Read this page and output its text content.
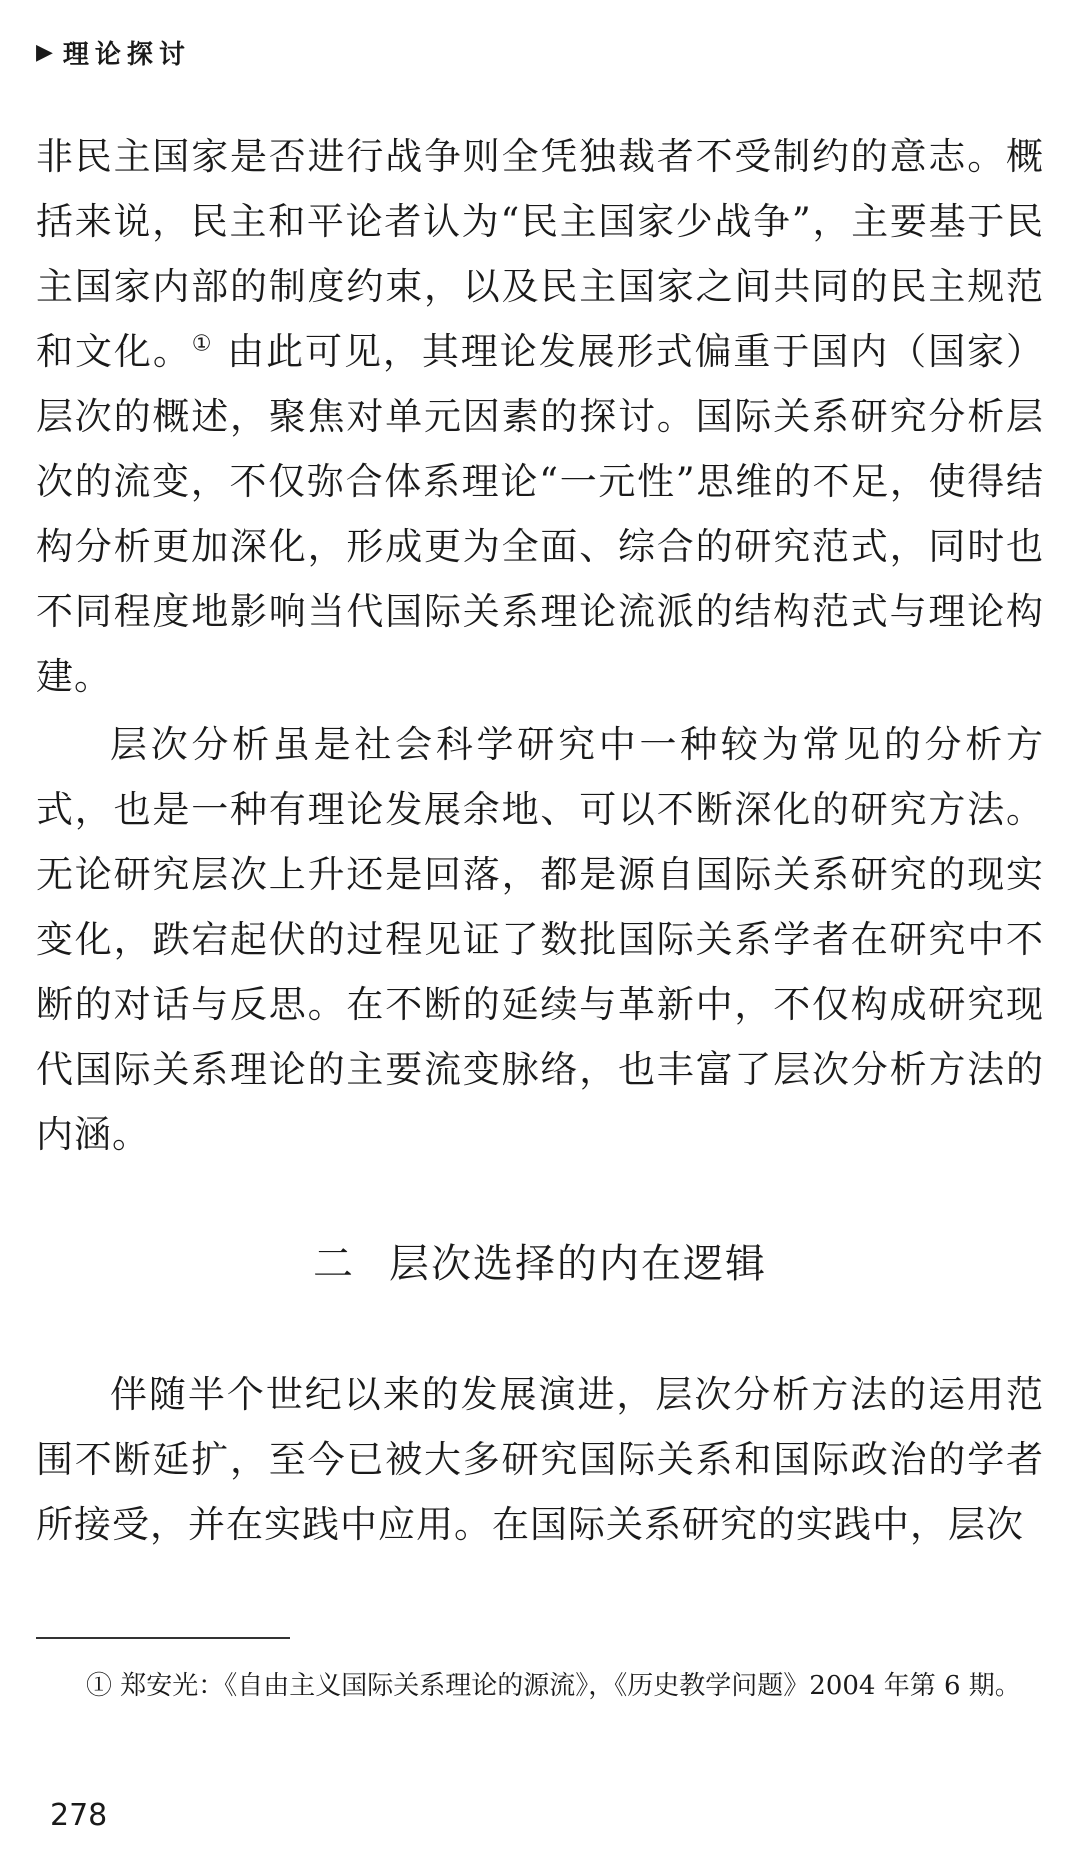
▶ 理论探讨
非民主国家是否进行战争则全凭独裁者不受制约的意志。概括来说，民主和平论者认为“民主国家少战争”，主要基于民主国家内部的制度约束，以及民主国家之间共同的民主规范和文化。① 由此可见，其理论发展形式偏重于国内（国家）层次的概述，聚焦对单元因素的探讨。国际关系研究分析层次的流变，不仅弥合体系理论“一元性”思维的不足，使得结构分析更加深化，形成更为全面、综合的研究范式，同时也不同程度地影响当代国际关系理论流派的结构范式与理论构建。
层次分析虽是社会科学研究中一种较为常见的分析方式，也是一种有理论发展余地、可以不断深化的研究方法。无论研究层次上升还是回落，都是源自国际关系研究的现实变化，跌宕起伏的过程见证了数批国际关系学者在研究中不断的对话与反思。在不断的延续与革新中，不仅构成研究现代国际关系理论的主要流变脉络，也丰富了层次分析方法的内涵。
二 层次选择的内在逻辑
伴随半个世纪以来的发展演进，层次分析方法的运用范围不断延扩，至今已被大多研究国际关系和国际政治的学者所接受，并在实践中应用。在国际关系研究的实践中，层次
① 郑安光：《自由主义国际关系理论的源流》，《历史教学问题》2004 年第 6 期。
278
